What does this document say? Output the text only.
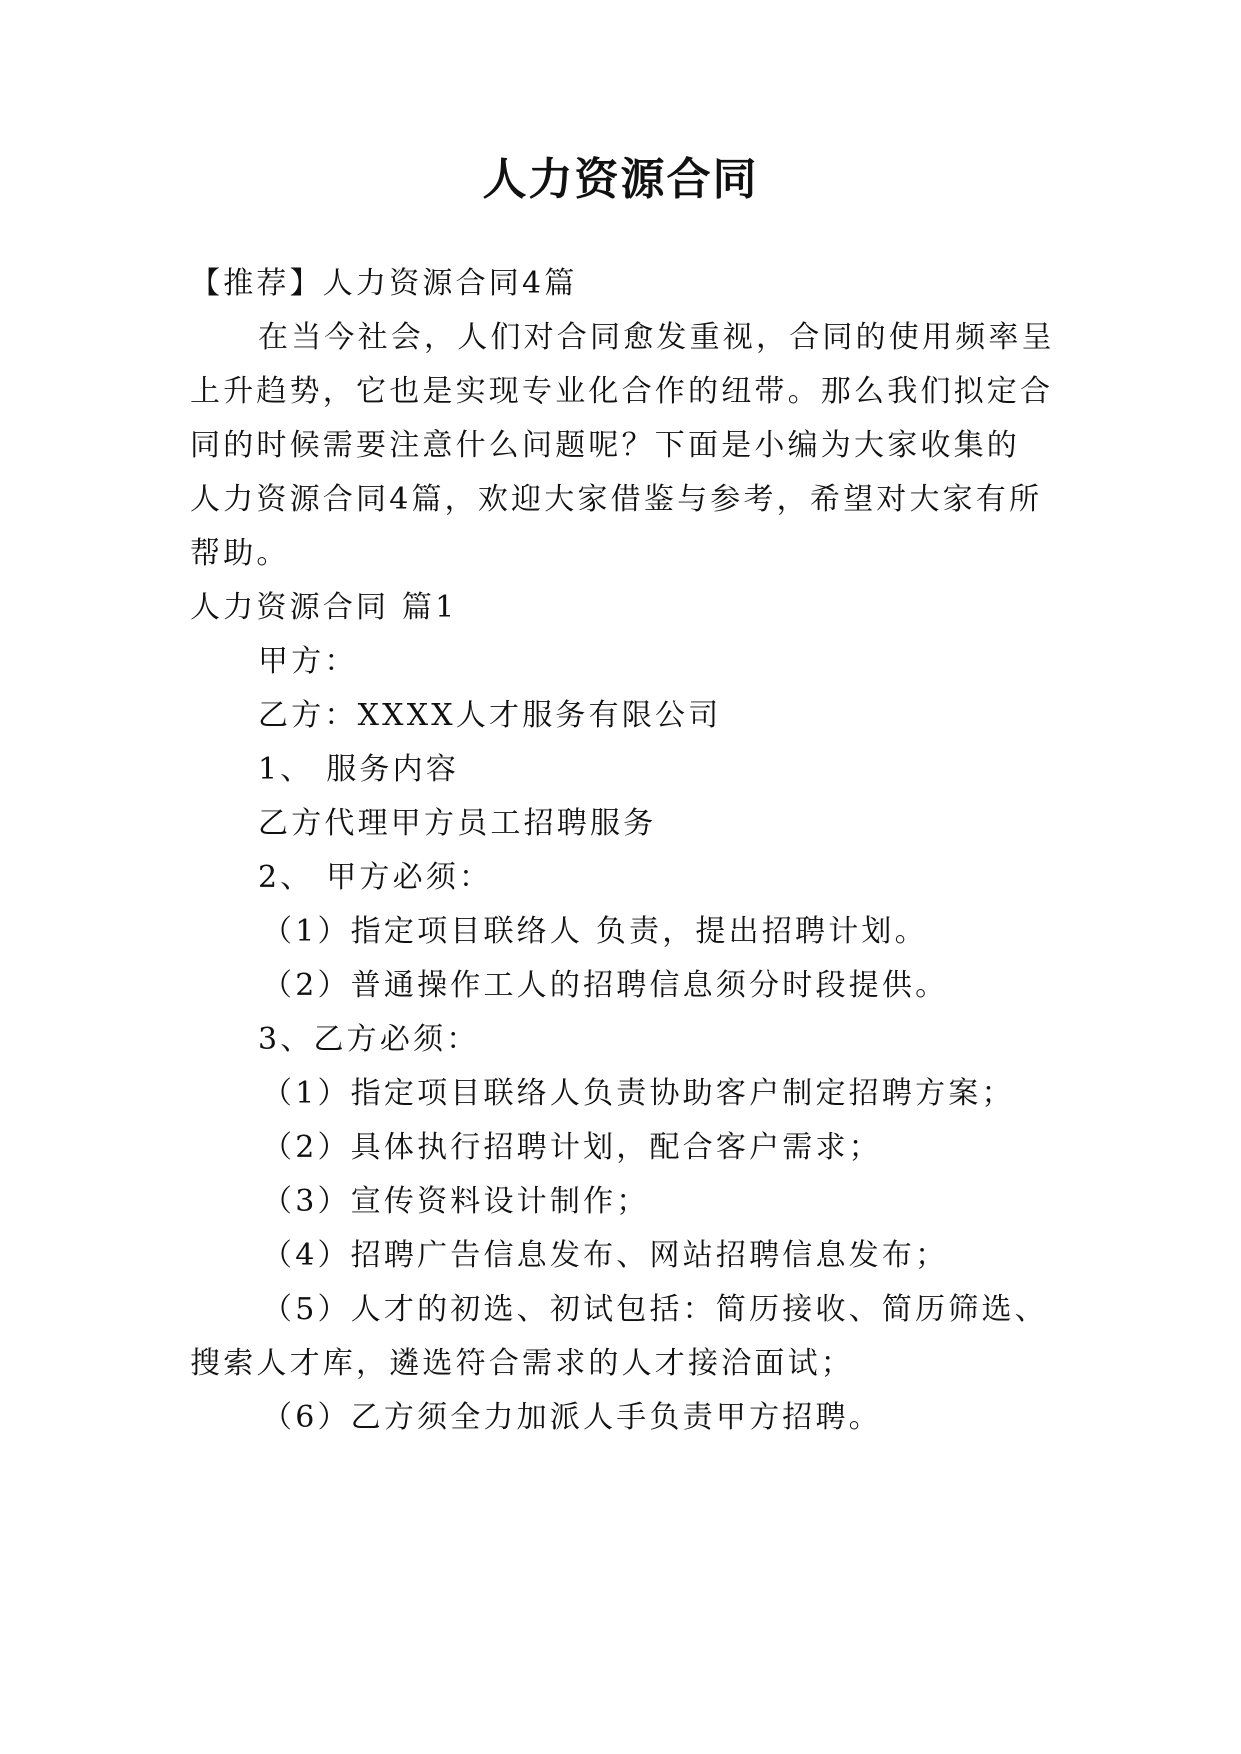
人力资源合同
【推荐】人力资源合同4篇
在当今社会，人们对合同愈发重视，合同的使用频率呈
上升趋势，它也是实现专业化合作的纽带。那么我们拟定合
同的时候需要注意什么问题呢？下面是小编为大家收集的
人力资源合同4篇，欢迎大家借鉴与参考，希望对大家有所
帮助。
人力资源合同 篇1
甲方：
乙方：XXXX人才服务有限公司
1、 服务内容
乙方代理甲方员工招聘服务
2、 甲方必须：
（1）指定项目联络人 负责，提出招聘计划。
（2）普通操作工人的招聘信息须分时段提供。
3、乙方必须：
（1）指定项目联络人负责协助客户制定招聘方案；
（2）具体执行招聘计划，配合客户需求；
（3）宣传资料设计制作；
（4）招聘广告信息发布、网站招聘信息发布；
（5）人才的初选、初试包括：简历接收、简历筛选、
搜索人才库，遴选符合需求的人才接洽面试；
（6）乙方须全力加派人手负责甲方招聘。
